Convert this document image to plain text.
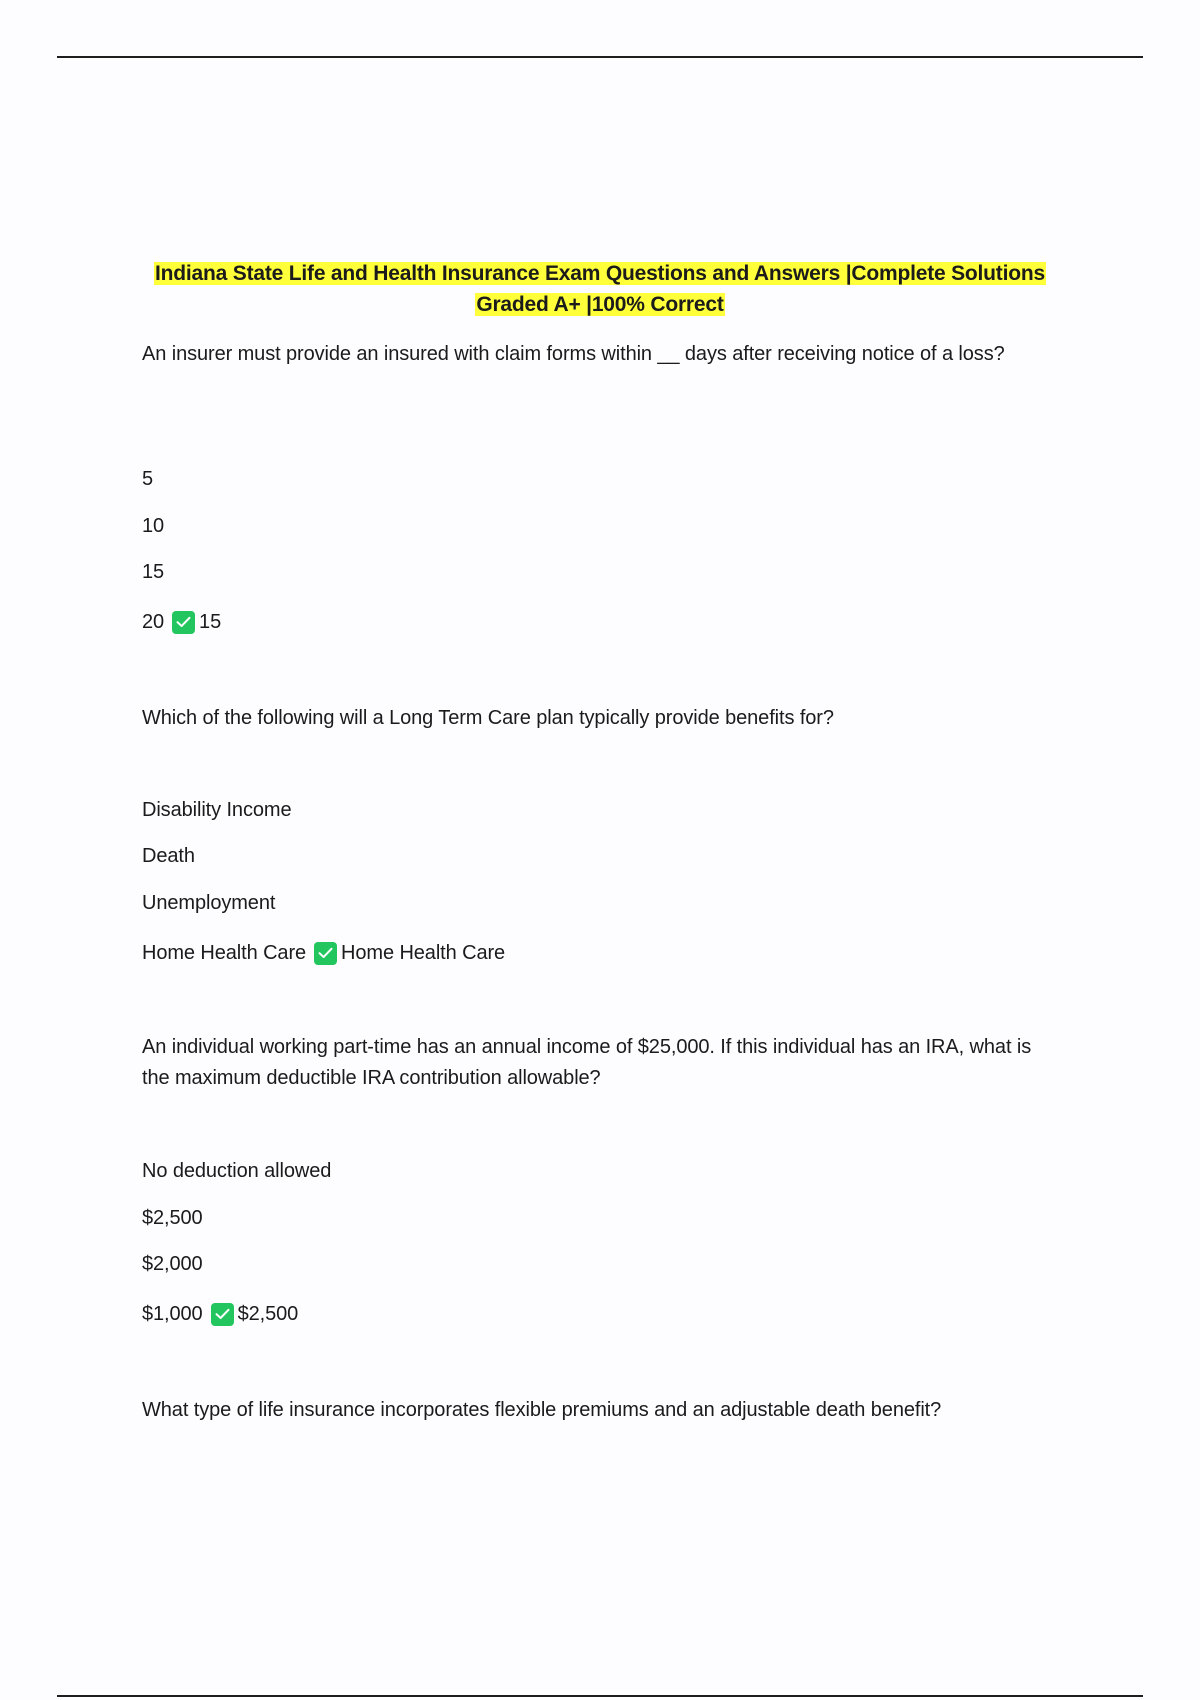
Indiana State Life and Health Insurance Exam Questions and Answers |Complete Solutions
Graded A+ |100% Correct
An insurer must provide an insured with claim forms within __ days after receiving notice of a loss?
5
10
15
20 15
Which of the following will a Long Term Care plan typically provide benefits for?
Disability Income
Death
Unemployment
Home Health Care Home Health Care
An individual working part-time has an annual income of $25,000. If this individual has an IRA, what is the maximum deductible IRA contribution allowable?
No deduction allowed
$2,500
$2,000
$1,000 $2,500
What type of life insurance incorporates flexible premiums and an adjustable death benefit?
